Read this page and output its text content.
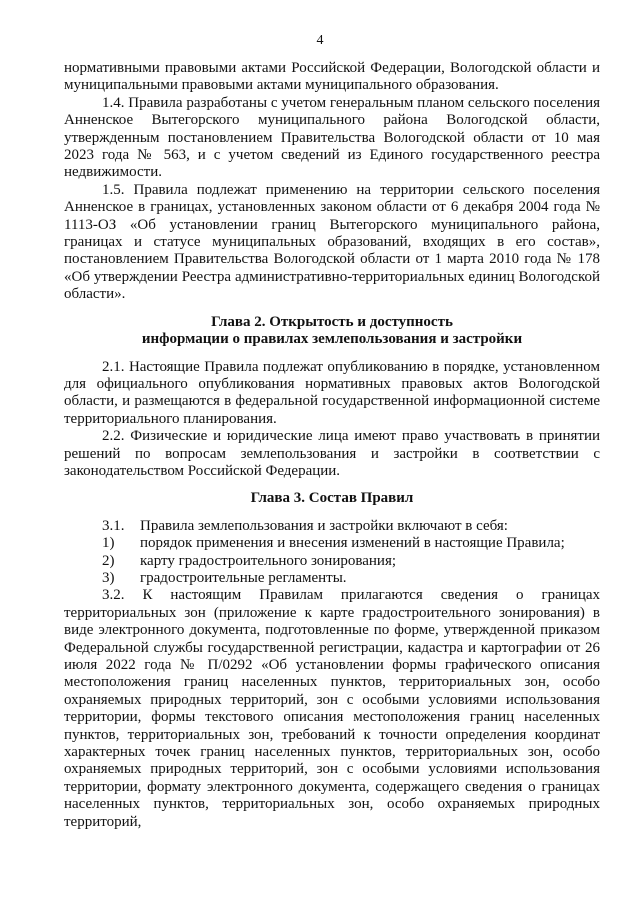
4

нормативными правовыми актами Российской Федерации, Вологодской области и муниципальными правовыми актами муниципального образования.

1.4. Правила разработаны с учетом генеральным планом сельского поселения Анненское Вытегорского муниципального района Вологодской области, утвержденным постановлением Правительства Вологодской области от 10 мая 2023 года № 563, и с учетом сведений из Единого государственного реестра недвижимости.

1.5. Правила подлежат применению на территории сельского поселения Анненское в границах, установленных законом области от 6 декабря 2004 года № 1113-ОЗ «Об установлении границ Вытегорского муниципального района, границах и статусе муниципальных образований, входящих в его состав», постановлением Правительства Вологодской области от 1 марта 2010 года № 178 «Об утверждении Реестра административно-территориальных единиц Вологодской области».

Глава 2. Открытость и доступность
информации о правилах землепользования и застройки

2.1. Настоящие Правила подлежат опубликованию в порядке, установленном для официального опубликования нормативных правовых актов Вологодской области, и размещаются в федеральной государственной информационной системе территориального планирования.

2.2. Физические и юридические лица имеют право участвовать в принятии решений по вопросам землепользования и застройки в соответствии с законодательством Российской Федерации.

Глава 3. Состав Правил
3.1.	Правила землепользования и застройки включают в себя:
1)	порядок применения и внесения изменений в настоящие Правила;
2)	карту градостроительного зонирования;
3)	градостроительные регламенты.

3.2. К настоящим Правилам прилагаются сведения о границах территориальных зон (приложение к карте градостроительного зонирования) в виде электронного документа, подготовленные по форме, утвержденной приказом Федеральной службы государственной регистрации, кадастра и картографии от 26 июля 2022 года № П/0292 «Об установлении формы графического описания местоположения границ населенных пунктов, территориальных зон, особо охраняемых природных территорий, зон с особыми условиями использования территории, формы текстового описания местоположения границ населенных пунктов, территориальных зон, требований к точности определения координат характерных точек границ населенных пунктов, территориальных зон, особо охраняемых природных территорий, зон с особыми условиями использования территории, формату электронного документа, содержащего сведения о границах населенных пунктов, территориальных зон, особо охраняемых природных территорий,
